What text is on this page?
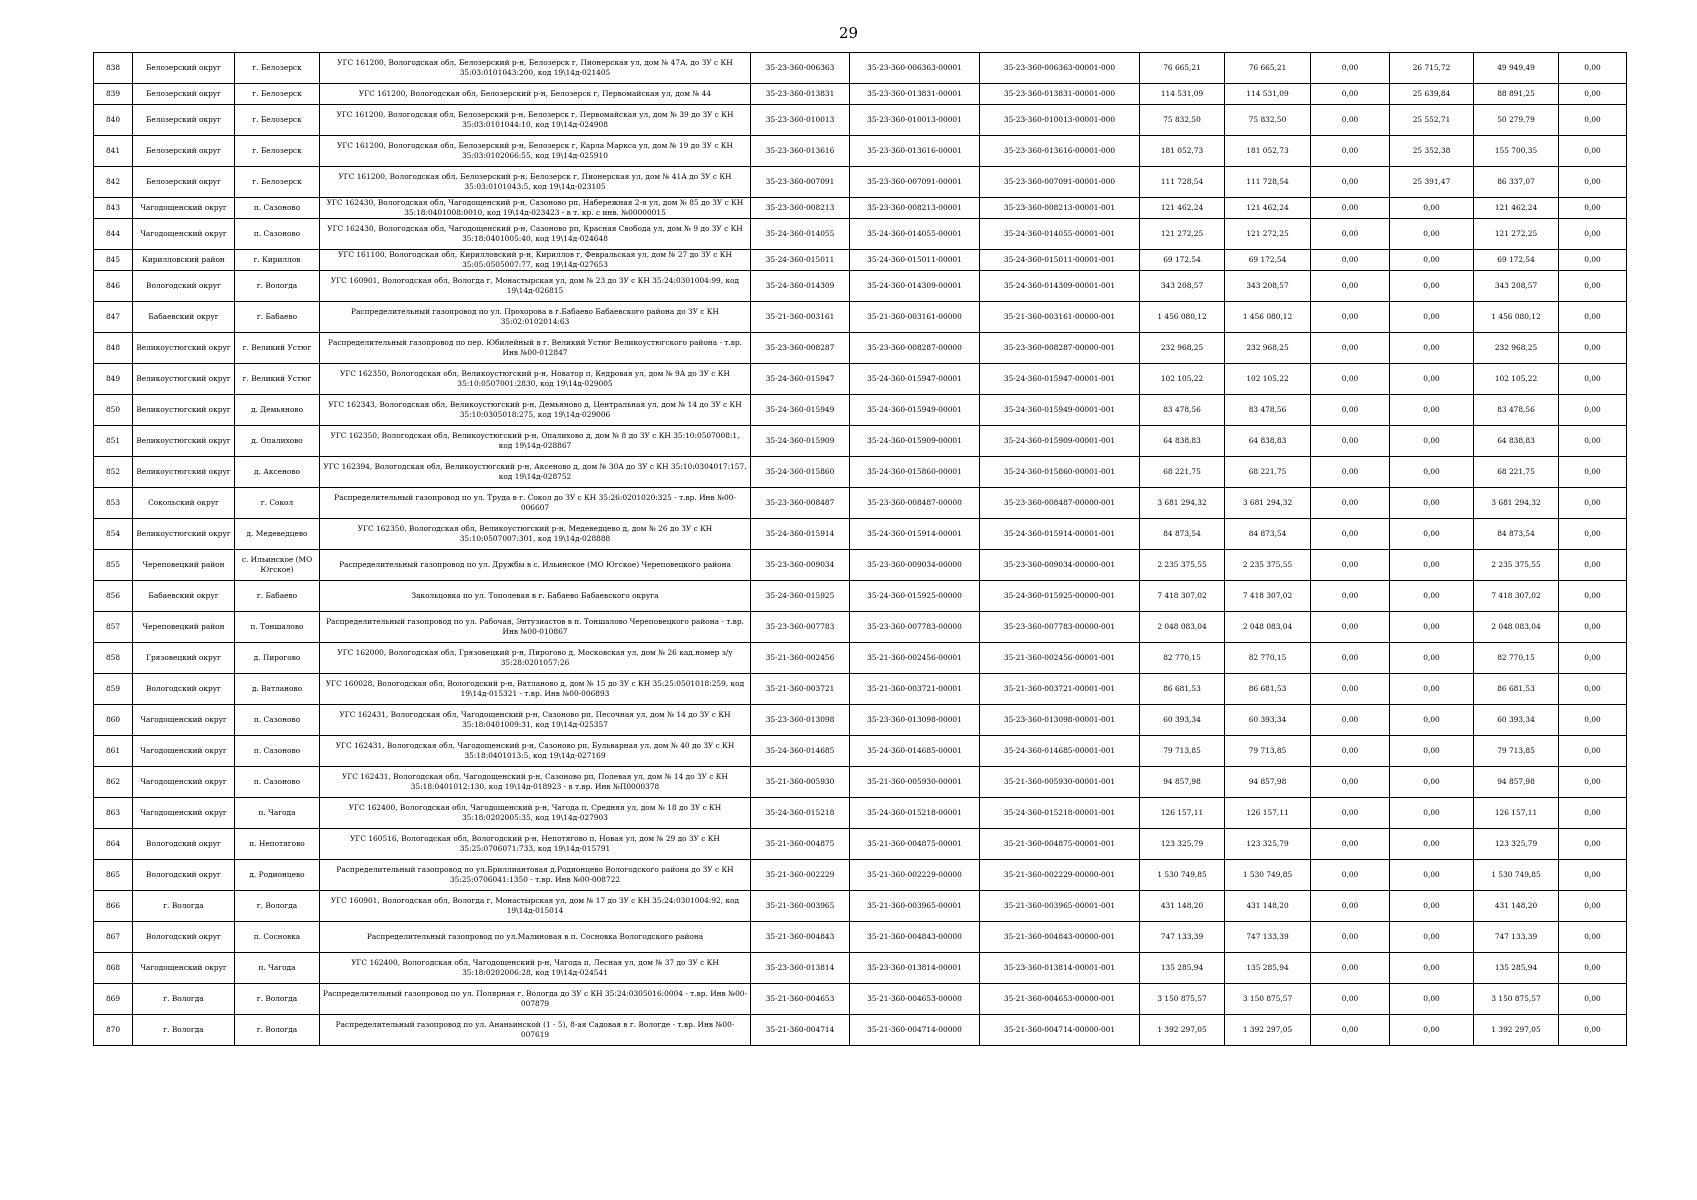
29
838	Белозерский округ	г. Белозерск	УГС 161200, Вологодская обл, Белозерский р-н, Белозерск г, Пионерская ул, дом № 47А, до ЗУ с КН 35:03:0101043:200, код 19\14д-021405	35-23-360-006363	35-23-360-006363-00001	35-23-360-006363-00001-000	76 665,21	76 665,21	0,00	26 715,72	49 949,49	0,00
839	Белозерский округ	г. Белозерск	УГС 161200, Вологодская обл, Белозерский р-н, Белозерск г, Первомайская ул, дом № 44	35-23-360-013831	35-23-360-013831-00001	35-23-360-013831-00001-000	114 531,09	114 531,09	0,00	25 639,84	88 891,25	0,00
840	Белозерский округ	г. Белозерск	УГС 161200, Вологодская обл, Белозерский р-н, Белозерск г, Первомайская ул, дом № 39 до ЗУ с КН 35:03:0101044:10, код 19\14д-024908	35-23-360-010013	35-23-360-010013-00001	35-23-360-010013-00001-000	75 832,50	75 832,50	0,00	25 552,71	50 279,79	0,00
841	Белозерский округ	г. Белозерск	УГС 161200, Вологодская обл, Белозерский р-н, Белозерск г, Карла Маркса ул, дом № 19 до ЗУ с КН 35:03:0102066:55, код 19\14д-025910	35-23-360-013616	35-23-360-013616-00001	35-23-360-013616-00001-000	181 052,73	181 052,73	0,00	25 352,38	155 700,35	0,00
842	Белозерский округ	г. Белозерск	УГС 161200, Вологодская обл, Белозерский р-н, Белозерск г, Пионерская ул, дом № 41А до ЗУ с КН 35:03:0101043:5, код 19\14д-023105	35-23-360-007091	35-23-360-007091-00001	35-23-360-007091-00001-000	111 728,54	111 728,54	0,00	25 391,47	86 337,07	0,00
843	Чагодощенский округ	п. Сазоново	УГС 162430, Вологодская обл, Чагодощенский р-н, Сазоново рп, Набережная 2-я ул, дом № 85 до ЗУ с КН 35:18:0401008:0010, код 19\14д-023423 - в т. кр. с инв. №00000015	35-23-360-008213	35-23-360-008213-00001	35-23-360-008213-00001-001	121 462,24	121 462,24	0,00	0,00	121 462,24	0,00
844	Чагодощенский округ	п. Сазоново	УГС 162430, Вологодская обл, Чагодощенский р-н, Сазоново рп, Красная Свобода ул, дом № 9 до ЗУ с КН 35:18:0401005:40, код 19\14д-024648	35-24-360-014055	35-24-360-014055-00001	35-24-360-014055-00001-001	121 272,25	121 272,25	0,00	0,00	121 272,25	0,00
845	Кирилловский район	г. Кириллов	УГС 161100, Вологодская обл, Кирилловский р-н, Кириллов г, Февральская ул, дом № 27 до ЗУ с КН 35:05:0505007:77, код 19\14д-027653	35-24-360-015011	35-24-360-015011-00001	35-24-360-015011-00001-001	69 172,54	69 172,54	0,00	0,00	69 172,54	0,00
846	Вологодский округ	г. Вологда	УГС 160901, Вологодская обл, Вологда г, Монастырская ул, дом № 23 до ЗУ с КН 35:24:0301004:99, код 19\14д-026815	35-24-360-014309	35-24-360-014309-00001	35-24-360-014309-00001-001	343 208,57	343 208,57	0,00	0,00	343 208,57	0,00
847	Бабаевский округ	г. Бабаево	Распределительный газопровод по ул. Прохорова в г.Бабаево Бабаевского района до ЗУ с КН 35:02:0102014:63	35-21-360-003161	35-21-360-003161-00000	35-21-360-003161-00000-001	1 456 080,12	1 456 080,12	0,00	0,00	1 456 080,12	0,00
848	Великоустюгский округ	г. Великий Устюг	Распределительный газопровод по пер. Юбилейный в г. Великий Устюг Великоустюгского района - т.вр. Инв №00-012847	35-23-360-008287	35-23-360-008287-00000	35-23-360-008287-00000-001	232 968,25	232 968,25	0,00	0,00	232 968,25	0,00
849	Великоустюгский округ	г. Великий Устюг	УГС 162350, Вологодская обл, Великоустюгский р-н, Новатор п, Кедровая ул, дом № 9А до ЗУ с КН 35:10:0507001:2830, код 19\14д-029005	35-24-360-015947	35-24-360-015947-00001	35-24-360-015947-00001-001	102 105,22	102 105,22	0,00	0,00	102 105,22	0,00
850	Великоустюгский округ	д. Демьяново	УГС 162343, Вологодская обл, Великоустюгский р-н, Демьяново д, Центральная ул, дом № 14 до ЗУ с КН 35:10:0305018:275, код 19\14д-029006	35-24-360-015949	35-24-360-015949-00001	35-24-360-015949-00001-001	83 478,56	83 478,56	0,00	0,00	83 478,56	0,00
851	Великоустюгский округ	д. Опалихово	УГС 162350, Вологодская обл, Великоустюгский р-н, Опалихово д, дом № 8 до ЗУ с КН 35:10:0507008:1, код 19\14д-028867	35-24-360-015909	35-24-360-015909-00001	35-24-360-015909-00001-001	64 838,83	64 838,83	0,00	0,00	64 838,83	0,00
852	Великоустюгский округ	д. Аксеново	УГС 162394, Вологодская обл, Великоустюгский р-н, Аксеново д, дом № 30А до ЗУ с КН 35:10:0304017:157, код 19\14д-028752	35-24-360-015860	35-24-360-015860-00001	35-24-360-015860-00001-001	68 221,75	68 221,75	0,00	0,00	68 221,75	0,00
853	Сокольский округ	г. Сокол	Распределительный газопровод по ул. Труда в г. Сокол до ЗУ с КН 35:26:0201020:325 - т.вр. Инв №00-006607	35-23-360-008487	35-23-360-008487-00000	35-23-360-008487-00000-001	3 681 294,32	3 681 294,32	0,00	0,00	3 681 294,32	0,00
854	Великоустюгский округ	д. Медеведцево	УГС 162350, Вологодская обл, Великоустюгский р-н, Медеведцево д, дом № 26 до ЗУ с КН 35:10:0507007:301, код 19\14д-028888	35-24-360-015914	35-24-360-015914-00001	35-24-360-015914-00001-001	84 873,54	84 873,54	0,00	0,00	84 873,54	0,00
855	Череповецкий район	с. Ильинское (МО Югское)	Распределительный газопровод по ул. Дружбы в с. Ильинское (МО Югское) Череповецкого района	35-23-360-009034	35-23-360-009034-00000	35-23-360-009034-00000-001	2 235 375,55	2 235 375,55	0,00	0,00	2 235 375,55	0,00
856	Бабаевский округ	г. Бабаево	Закольцовка по ул. Тополевая в г. Бабаево Бабаевского округа	35-24-360-015925	35-24-360-015925-00000	35-24-360-015925-00000-001	7 418 307,02	7 418 307,02	0,00	0,00	7 418 307,02	0,00
857	Череповецкий район	п. Тоншалово	Распределительный газопровод по ул. Рабочая, Энтузиастов в п. Тоншалово Череповецкого района - т.вр. Инв №00-010867	35-23-360-007783	35-23-360-007783-00000	35-23-360-007783-00000-001	2 048 083,04	2 048 083,04	0,00	0,00	2 048 083,04	0,00
858	Грязовецкий округ	д. Пирогово	УГС 162000, Вологодская обл, Грязовецкий р-н, Пирогово д, Московская ул, дом № 26 кад.номер з/у 35:28:0201057:26	35-21-360-002456	35-21-360-002456-00001	35-21-360-002456-00001-001	82 770,15	82 770,15	0,00	0,00	82 770,15	0,00
859	Вологодский округ	д. Ватланово	УГС 160028, Вологодская обл, Вологодский р-н, Ватланово д, дом № 15 до ЗУ с КН 35:25:0501018:259, код 19\14д-015321 - т.вр. Инв №00-006893	35-21-360-003721	35-21-360-003721-00001	35-21-360-003721-00001-001	86 681,53	86 681,53	0,00	0,00	86 681,53	0,00
860	Чагодощенский округ	п. Сазоново	УГС 162431, Вологодская обл, Чагодощенский р-н, Сазоново рп, Песочная ул, дом № 14 до ЗУ с КН 35:18:0401009:31, код 19\14д-025357	35-23-360-013098	35-23-360-013098-00001	35-23-360-013098-00001-001	60 393,34	60 393,34	0,00	0,00	60 393,34	0,00
861	Чагодощенский округ	п. Сазоново	УГС 162431, Вологодская обл, Чагодощенский р-н, Сазоново рп, Бульварная ул, дом № 40 до ЗУ с КН 35:18:0401013:5, код 19\14д-027169	35-24-360-014685	35-24-360-014685-00001	35-24-360-014685-00001-001	79 713,85	79 713,85	0,00	0,00	79 713,85	0,00
862	Чагодощенский округ	п. Сазоново	УГС 162431, Вологодская обл, Чагодощенский р-н, Сазоново рп, Полевая ул, дом № 14 до ЗУ с КН 35:18:0401012:130, код 19\14д-018923 - в т.вр. Инв №П0000378	35-21-360-005930	35-21-360-005930-00001	35-21-360-005930-00001-001	94 857,98	94 857,98	0,00	0,00	94 857,98	0,00
863	Чагодощенский округ	п. Чагода	УГС 162400, Вологодская обл, Чагодощенский р-н, Чагода п, Средняя ул, дом № 18 до ЗУ с КН 35:18:0202005:35, код 19\14д-027903	35-24-360-015218	35-24-360-015218-00001	35-24-360-015218-00001-001	126 157,11	126 157,11	0,00	0,00	126 157,11	0,00
864	Вологодский округ	п. Непотягово	УГС 160516, Вологодская обл, Вологодский р-н, Непотягово п, Новая ул, дом № 29 до ЗУ с КН 35:25:0706071:733, код 19\14д-015791	35-21-360-004875	35-21-360-004875-00001	35-21-360-004875-00001-001	123 325,79	123 325,79	0,00	0,00	123 325,79	0,00
865	Вологодский округ	д. Родионцево	Распределительный газопровод по ул.Бриллиантовая д.Родионцево Вологодского района до ЗУ с КН 35:25:0706041:1350 - т.вр. Инв №00-008722	35-21-360-002229	35-21-360-002229-00000	35-21-360-002229-00000-001	1 530 749,85	1 530 749,85	0,00	0,00	1 530 749,85	0,00
866	г. Вологда	г. Вологда	УГС 160901, Вологодская обл, Вологда г, Монастырская ул, дом № 17 до ЗУ с КН 35:24:0301004:92, код 19\14д-015014	35-21-360-003965	35-21-360-003965-00001	35-21-360-003965-00001-001	431 148,20	431 148,20	0,00	0,00	431 148,20	0,00
867	Вологодский округ	п. Сосновка	Распределительный газопровод по ул.Малиновая в п. Сосновка Вологодского района	35-21-360-004843	35-21-360-004843-00000	35-21-360-004843-00000-001	747 133,39	747 133,39	0,00	0,00	747 133,39	0,00
868	Чагодощенский округ	п. Чагода	УГС 162400, Вологодская обл, Чагодощенский р-н, Чагода п, Лесная ул, дом № 37 до ЗУ с КН 35:18:0202006:28, код 19\14д-024541	35-23-360-013814	35-23-360-013814-00001	35-23-360-013814-00001-001	135 285,94	135 285,94	0,00	0,00	135 285,94	0,00
869	г. Вологда	г. Вологда	Распределительный газопровод по ул. Полярная г. Вологда до ЗУ с КН 35:24:0305016:0004 - т.вр. Инв №00-007879	35-21-360-004653	35-21-360-004653-00000	35-21-360-004653-00000-001	3 150 875,57	3 150 875,57	0,00	0,00	3 150 875,57	0,00
870	г. Вологда	г. Вологда	Распределительный газопровод по ул. Ананьинской (1 - 5), 8-ая Садовая в г. Вологде - т.вр. Инв №00-007619	35-21-360-004714	35-21-360-004714-00000	35-21-360-004714-00000-001	1 392 297,05	1 392 297,05	0,00	0,00	1 392 297,05	0,00
